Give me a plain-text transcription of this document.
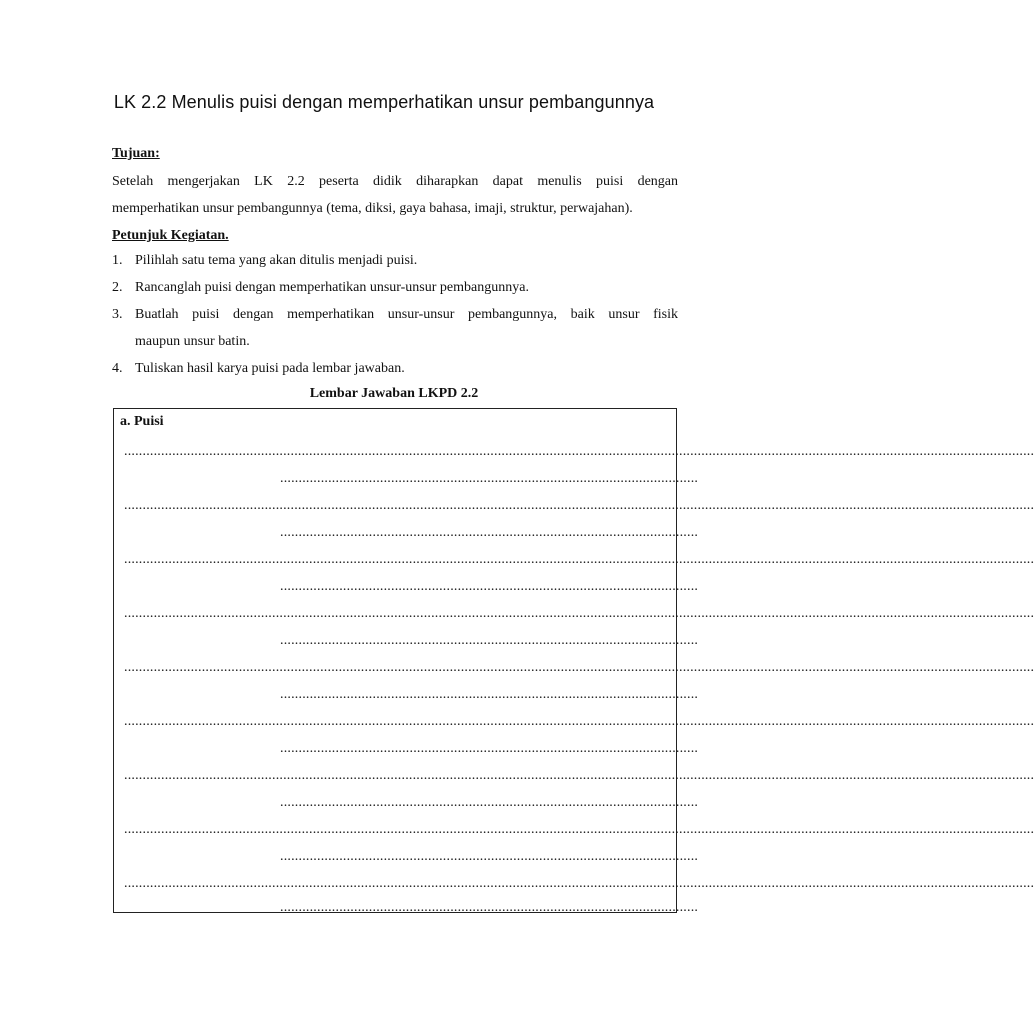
LK 2.2 Menulis puisi dengan memperhatikan unsur pembangunnya
Tujuan:

Setelah mengerjakan LK 2.2 peserta didik diharapkan dapat menulis puisi dengan
memperhatikan unsur pembangunnya (tema, diksi, gaya bahasa, imaji, struktur, perwajahan).

Petunjuk Kegiatan.
1. Pilihlah satu tema yang akan ditulis menjadi puisi.
2. Rancanglah puisi dengan memperhatikan unsur-unsur pembangunnya.
3. Buatlah puisi dengan memperhatikan unsur-unsur pembangunnya, baik unsur fisik
maupun unsur batin.
4. Tuliskan hasil karya puisi pada lembar jawaban.
Lembar Jawaban LKPD 2.2
a. Puisi
......................................................................................................................................................................................................................................................
.................................................................................................................
......................................................................................................................................................................................................................................................
.................................................................................................................
......................................................................................................................................................................................................................................................
.................................................................................................................
......................................................................................................................................................................................................................................................
.................................................................................................................
......................................................................................................................................................................................................................................................
.................................................................................................................
......................................................................................................................................................................................................................................................
.................................................................................................................
......................................................................................................................................................................................................................................................
.................................................................................................................
......................................................................................................................................................................................................................................................
.................................................................................................................
......................................................................................................................................................................................................................................................
.................................................................................................................
